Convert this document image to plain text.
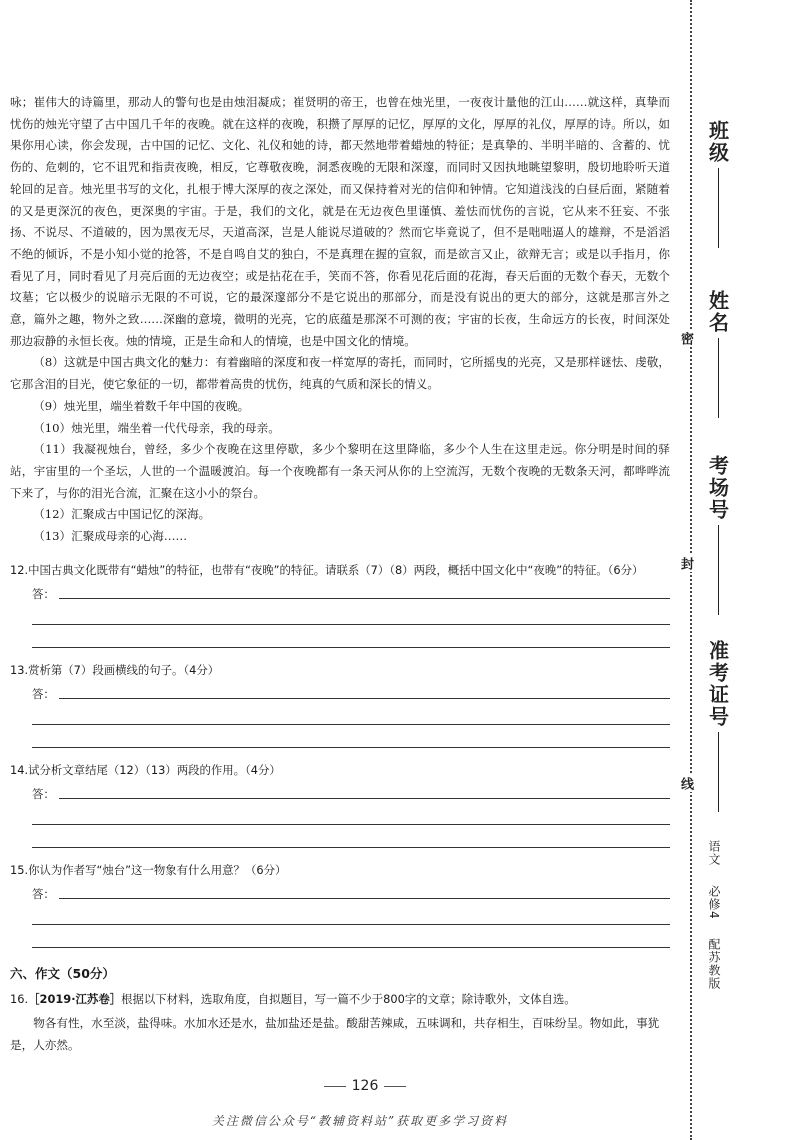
咏；崔伟大的诗篇里，那动人的警句也是由烛泪凝成；崔贤明的帝王，也曾在烛光里，一夜夜计量他的江山……就这样，真挚而忧伤的烛光守望了古中国几千年的夜晚。就在这样的夜晚，积攒了厚厚的记忆，厚厚的文化，厚厚的礼仪，厚厚的诗。所以，如果你用心读，你会发现，古中国的记忆、文化、礼仪和她的诗，都天然地带着蜡烛的特征；是真挚的、半明半暗的、含蓄的、忧伤的、危刺的，它不诅咒和指责夜晚，相反，它尊敬夜晚，洞悉夜晚的无限和深邃，而同时又因执地眺望黎明，殷切地聆听天道轮回的足音。烛光里书写的文化，扎根于博大深厚的夜之深处，而又保持着对光的信仰和钟情。它知道浅浅的白昼后面，紧随着的又是更深沉的夜色，更深奥的宇宙。于是，我们的文化，就是在无边夜色里谨慎、羞怯而忧伤的言说，它从来不狂妄、不张扬、不说尽、不道破的，因为黑夜无尽，天道高深，岂是人能说尽道破的？然而它毕竟说了，但不是咄咄逼人的雄辩，不是滔滔不绝的倾诉，不是小知小觉的抢答，不是自鸣自艾的独白，不是真理在握的宣叙，而是欲言又止，欲辩无言；或是以手指月，你看见了月，同时看见了月亮后面的无边夜空；或是拈花在手，笑而不答，你看见花后面的花海，春天后面的无数个春天，无数个坟墓；它以极少的说暗示无限的不可说，它的最深邃部分不是它说出的那部分，而是没有说出的更大的部分，这就是那言外之意，篇外之趣，物外之致……深幽的意境，微明的光亮，它的底蕴是那深不可测的夜；宇宙的长夜，生命远方的长夜，时间深处那边寂静的永恒长夜。烛的情境，正是生命和人的情境，也是中国文化的情境。

（8）这就是中国古典文化的魅力：有着幽暗的深度和夜一样宽厚的寄托，而同时，它所摇曳的光亮，又是那样谜怯、虔敬，它那含泪的目光，使它象征的一切，都带着高贵的忧伤，纯真的气质和深长的情义。

（9）烛光里，端坐着数千年中国的夜晚。

（10）烛光里，端坐着一代代母亲，我的母亲。

（11）我凝视烛台，曾经，多少个夜晚在这里停歇，多少个黎明在这里降临，多少个人生在这里走远。你分明是时间的驿站，宇宙里的一个圣坛，人世的一个温暖渡泊。每一个夜晚都有一条天河从你的上空流泻，无数个夜晚的无数条天河，都哗哗流下来了，与你的泪光合流，汇聚在这小小的祭台。

（12）汇聚成古中国记忆的深海。

（13）汇聚成母亲的心海……

12.中国古典文化既带有“蜡烛”的特征，也带有“夜晚”的特征。请联系（7）（8）两段，概括中国文化中“夜晚”的特征。（6分）
答：
13.赏析第（7）段画横线的句子。（4分）
答：
14.试分析文章结尾（12）（13）两段的作用。（4分）
答：
15.你认为作者写“烛台”这一物象有什么用意？（6分）
答：
六、作文（50分）
16.［2019·江苏卷］根据以下材料，选取角度，自拟题目，写一篇不少于800字的文章；除诗歌外，文体自选。

物各有性，水至淡，盐得味。水加水还是水，盐加盐还是盐。酸甜苦辣咸，五味调和，共存相生，百味纷呈。物如此，事犹是，人亦然。

126
关注微信公众号“教辅资料站”获取更多学习资料
班级
姓名
考场号
准考证号
密
封
线
语文 必修4 配苏教版
